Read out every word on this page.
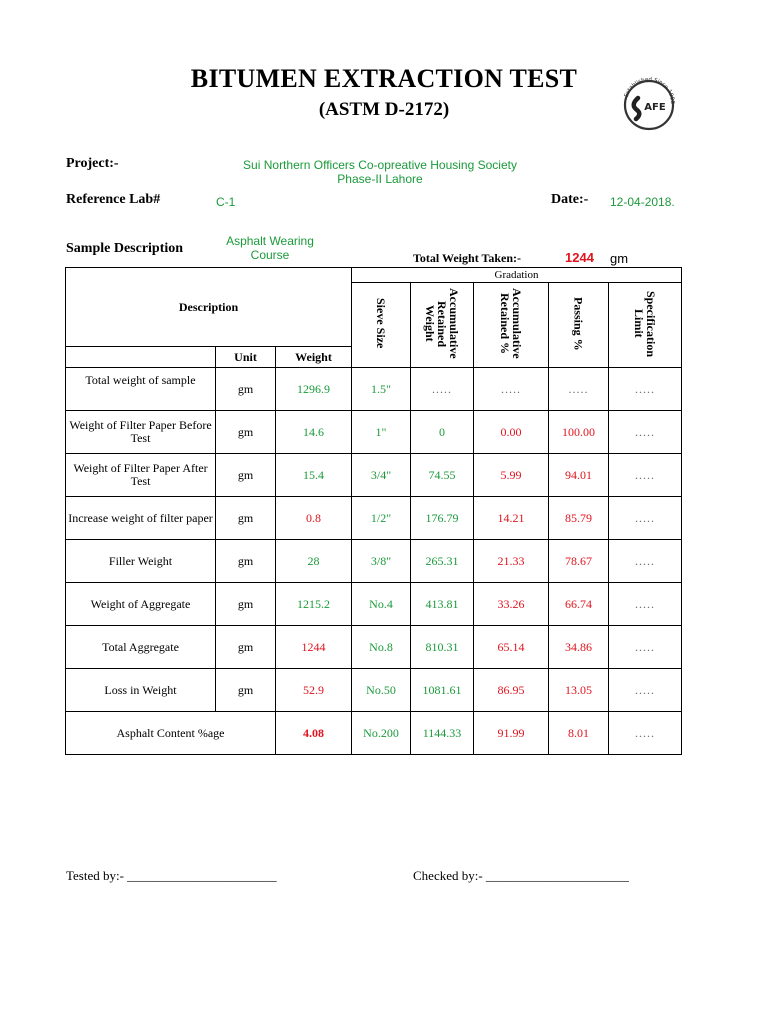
BITUMEN EXTRACTION TEST
(ASTM D-2172)
Established Since 1998
AFE
Project:-	Sui Northern Officers Co-opreative Housing Society
Phase-II Lahore
Reference Lab#	C-1	Date:- 12-04-2018.
Sample Description	Asphalt Wearing
Course	Total Weight Taken:-	1244 gm
Description			Gradation				
			Sieve Size	Accumulative Retained Weight	Accumulative Retained %	Passing %	Specification Limit
	Unit	Weight					
Total weight of sample	gm	1296.9	1.5"	.....	.....	.....	.....
Weight of Filter Paper Before Test	gm	14.6	1"	0	0.00	100.00	.....
Weight of Filter Paper After Test	gm	15.4	3/4"	74.55	5.99	94.01	.....
Increase weight of filter paper	gm	0.8	1/2"	176.79	14.21	85.79	.....
Filler Weight	gm	28	3/8"	265.31	21.33	78.67	.....
Weight of Aggregate	gm	1215.2	No.4	413.81	33.26	66.74	.....
Total Aggregate	gm	1244	No.8	810.31	65.14	34.86	.....
Loss in Weight	gm	52.9	No.50	1081.61	86.95	13.05	.....
Asphalt Content %age		4.08	No.200	1144.33	91.99	8.01	.....
Tested by:- _______________________	Checked by:- ______________________
